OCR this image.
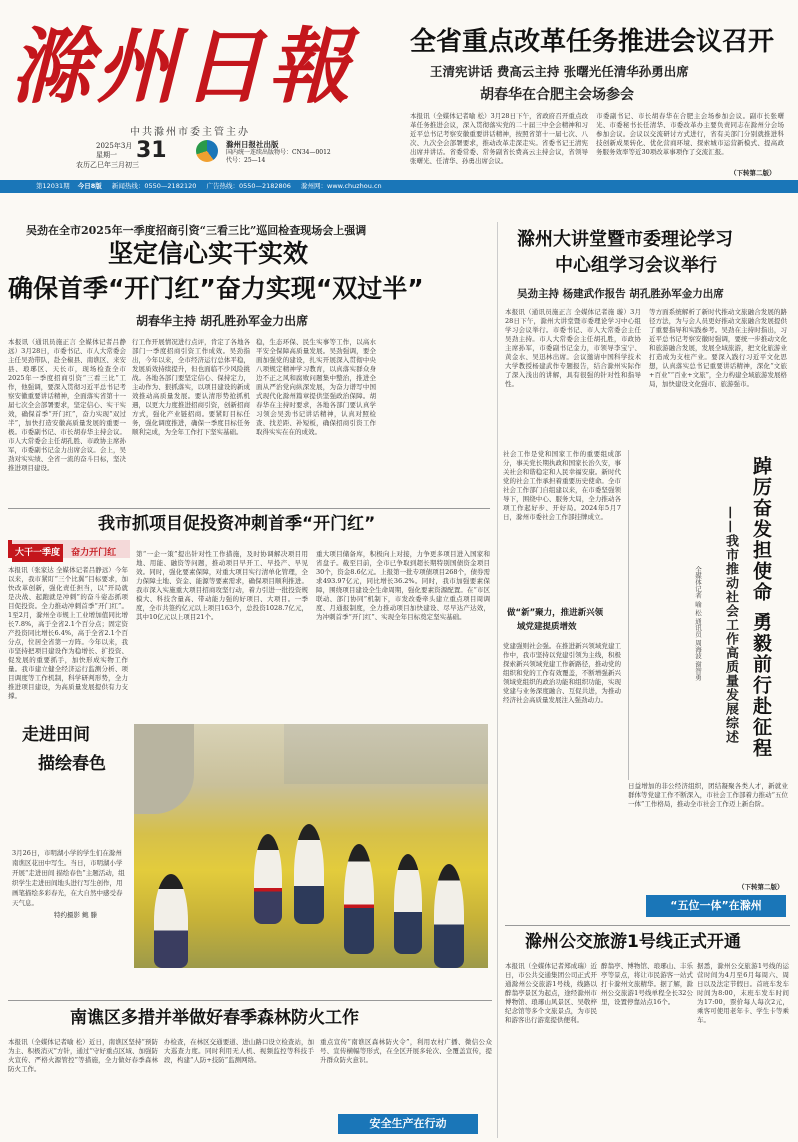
滁州日報
中共滁州市委主管主办
2025年3月
星期一 31
农历乙巳年三月初三
滁州日报社出版
国内统一连续出版物号：CN34—0012
代号：25—14
第12031期 今日8版 新闻热线：0550—2182120 广告热线：0550—2182806 滁州网：www.chuzhou.cn
全省重点改革任务推进会议召开
王清宪讲话 费高云主持 张曙光任清华孙勇出席
胡春华在合肥主会场参会
本报讯（全媒体记者喻 松）3月28日下午，省政府召开重点改革任务推进会议，深入贯彻落实党的二十届三中全会精神和习近平总书记考察安徽重要讲话精神，按照省第十一届七次、八次、九次全会部署要求，推动改革走深走实。省委书记王清宪出席并讲话。省委常委、常务副省长费高云主持会议，省领导张曙光、任清华、孙勇出席会议。
市委副书记、市长胡春华在合肥主会场参加会议。副市长张曙光、市委秘书长任清华、市委改革办主要负责同志在滁州分会场参加会议。会议以交流研讨方式进行，省有关部门分别就推进科技创新成果转化、优化营商环境、探索城市运营新模式、提高政务服务效率等近30项改革事项作了交流汇报。
（下转第二版）
吴劲在全市2025年一季度招商引资“三看三比”巡回检查现场会上强调
坚定信心实干实效
确保首季“开门红”奋力实现“双过半”
胡春华主持 胡孔胜孙军金力出席
本报讯（通讯员施正言 全媒体记者吕静远）3月28日，市委书记、市人大常委会主任吴劲带队，赴全椒县、南谯区、来安县、琅琊区、天长市，现场检查全市2025年一季度招商引资“三看三比”工作，他强调，要深入贯彻习近平总书记考察安徽重要讲话精神，全面落实省第十一届七次全会部署要求，坚定信心、实干实效，确保首季“开门红”，奋力实现“双过半”，加快打造安徽高质量发展的重要一极。市委副书记、市长胡春华主持会议。市人大常委会主任胡孔胜、市政协主席孙军，市委副书记金力出席会议。会上，吴劲对实实绩、全省一流的奋斗目标，坚决推进项目建设。
行工作开展情况进行点评，肯定了各地各部门一季度招商引资工作成效。吴劲指出，今年以来，全市经济运行总体平稳，发展质效持续提升，但也面临不少风险挑战。各地各部门要坚定信心、保持定力，主动作为、狠抓落实，以项目建设的新成效推动高质量发展。要认清形势抢抓机遇，以更大力度推进招商引资，创新招商方式，强化产业链招商。要紧盯目标任务，强化调度推进，确保一季度目标任务顺利完成，为全年工作打下坚实基础。
稳，生态环保、民生实事等工作，以高水平安全保障高质量发展。吴劲强调，要全面加强党的建设，扎实开展深入贯彻中央八项规定精神学习教育，以真落实群众身边不正之风和腐败问题集中整治，推进全面从严治党向纵深发展，为奋力谱写中国式现代化滁州篇章提供坚强政治保障。胡春华在主持时要求，各地各部门要认真学习领会吴劲书记讲话精神，认真对照检查、找差距、补短板，确保招商引资工作取得实实在在的成效。
滁州大讲堂暨市委理论学习
中心组学习会议举行
吴劲主持 杨建武作报告 胡孔胜孙军金力出席
本报讯（通讯员施正言 全媒体记者施 璇）3月28日下午，滁州大讲堂暨市委理论学习中心组学习会议举行。市委书记、市人大常委会主任吴劲主持。市人大常委会主任胡孔胜，市政协主席孙军，市委副书记金力，市领导李宝宁、黄金水、吴迅林出席。会议邀请中国科学技术大学教授杨建武作专题报告，结合滁州实际作了深入浅出的讲解，具有很强的针对性和指导性。
等方面系统解析了新时代推动文旅融合发展的路径方法，为与会人员更好推动文旅融合发展提供了重要指导和实践参考。吴劲在主持时指出，习近平总书记考察安徽时强调，要统一步推动文化和旅游融合发展，发展全域旅游，把文化旅游业打造成为支柱产业。要深入践行习近平文化思想，认真落实总书记重要讲话精神，深化“文旅+百业”“百业+文旅”，全力构建全域旅游发展格局，加快建设文化强市、旅游强市。
我市抓项目促投资冲刺首季“开门红”
大干一季度 奋力开门红
本报讯（张家达 全媒体记者吕静远）今年以来，我市紧盯“三个比翼”目标要求，加快改革创新，强化责任担当，以“开局就是决战、起跑就是冲刺”的奋斗姿态抓项目促投资。全力推动冲刺首季“开门红”。1至2月，滁州全市规上工业增加值同比增长7.8%，高于全省2.1个百分点；固定资产投资同比增长6.4%，高于全省2.1个百分点，位居全省第一方阵。今年以来，我市坚持把项目建设作为稳增长、扩投资、促发展的重要抓手，加快形成实物工作量。我市建立健全经济运行监测分析、项目调度等工作机制，科学研判形势，全力推进项目建设，为高质量发展提供有力支撑。
第“一企一策”提出针对性工作措施，及时协调解决项目用地、用能、融资等问题，推动项目早开工、早投产、早见效。同时，强化要素保障，对重大项目实行清单化管理，全力保障土地、资金、能源等要素需求，确保项目顺利推进。我市深入实施重大项目招商攻坚行动，着力引进一批投资规模大、科技含量高、带动能力强的好项目、大项目。一季度，全市共签约亿元以上项目163个，总投资1028.7亿元，其中10亿元以上项目21个。
重大项目储备库，积极向上对接，力争更多项目进入国家和省盘子。截至目前，全市已争取到超长期特别国债资金项目30个，资金8.6亿元。上报第一批专项债项目268个，债券需求493.97亿元，同比增长36.2%。同时，我市加强要素保障，围绕项目建设全生命周期，强化要素资源配置。在“市区联动、部门协同”机制下，市发改委牵头建立重点项目周调度、月通报制度，全力推动项目加快建设、尽早达产达效，为冲刺首季“开门红”、实现全年目标奠定坚实基础。
走进田间
描绘春色
3月26日，市明湖小学的学生们在滁州南谯区花田中写生。当日，市明湖小学开展“走进田间 描绘春色”主题活动，组织学生走进田间地头进行写生创作，用画笔描绘多彩春光，在大自然中感受春天气息。
特约摄影 鲍 滕
社会工作是党和国家工作的重要组成部分，事关党长期执政和国家长治久安，事关社会和谐稳定和人民幸福安康。新时代党的社会工作承担着重要历史使命。全市社会工作部门自组建以来，在市委坚强领导下，围绕中心、服务大局，全力推动各项工作起好步、开好局。2024年5月7日，滁州市委社会工作部挂牌成立。
做“新”聚力，推进新兴领
域党建提质增效
党建强则社会强。在推进新兴领域党建工作中，我市坚持以党建引领为主线，积极探索新兴领域党建工作新路径，推动党的组织和党的工作有效覆盖，不断增强新兴领域党组织的政治功能和组织功能，实现党建与业务深度融合、互促共进，为推动经济社会高质量发展注入强劲动力。	踔厉奋发担使命 勇毅前行赴征程
——我市推动社会工作高质量发展综述
全媒体记者 喻 松 通讯员 周海波 谢智勇
日益增加的非公经济组织，团结凝聚各类人才，新就业群体等党建工作不断深入，市社会工作部着力推动“五位一体”工作格局，推动全市社会工作迈上新台阶。
（下转第二版）
“五位一体”在滁州
南谯区多措并举做好春季森林防火工作
本报讯（全媒体记者喻 松）近日，南谯区坚持“预防为主、积极消灭”方针，通过“守好重点区域、加强防火宣传、严格火源管控”等措施，全力做好春季森林防火工作。
办检查，在林区交通要道、进山路口设立检查站，加大巡查力度。同时利用无人机、视频监控等科技手段，构建“人防+技防”监测网络。
重点宣传“南谯区森林防火令”，利用农村广播、微信公众号、宣传横幅等形式，在全区开展多轮次、全覆盖宣传，提升群众防火意识。
安全生产在行动
滁州公交旅游1号线正式开通
本报讯（全媒体记者郑成瑞）近日，市公共交通集团公司正式开通滁州公交旅游1号线，线路以醉翁亭景区为起点，途经滁州市博物馆、琅琊山风景区、吴敬梓纪念馆等多个文旅景点，为市民和游客出行游览提供便利。
醉翁亭、博物馆、琅琊山、丰乐亭等景点，将让市民游客一站式打卡滁州文旅精华。据了解，滁州公交旅游1号线单程全长32公里，设置停靠站点16个。
据悉，滁州公交旅游1号线的运营时间为4月至6月每周六、周日以及法定节假日。首班车发车时间为8:00，末班车发车时间为17:00，票价每人每次2元，乘客可使用老年卡、学生卡等乘车。
